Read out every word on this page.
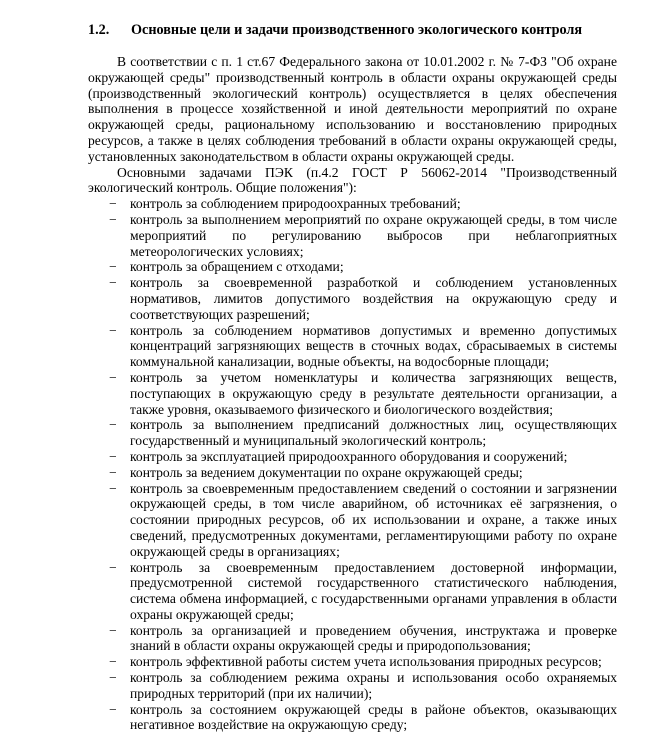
1.2. Основные цели и задачи производственного экологического контроля

В соответствии с п. 1 ст.67 Федерального закона от 10.01.2002 г. № 7-ФЗ "Об охране окружающей среды" производственный контроль в области охраны окружающей среды (производственный экологический контроль) осуществляется в целях обеспечения выполнения в процессе хозяйственной и иной деятельности мероприятий по охране окружающей среды, рациональному использованию и восстановлению природных ресурсов, а также в целях соблюдения требований в области охраны окружающей среды, установленных законодательством в области охраны окружающей среды.

Основными задачами ПЭК (п.4.2 ГОСТ Р 56062-2014 "Производственный экологический контроль. Общие положения"):

− контроль за соблюдением природоохранных требований;
− контроль за выполнением мероприятий по охране окружающей среды, в том числе мероприятий по регулированию выбросов при неблагоприятных метеорологических условиях;
− контроль за обращением с отходами;
− контроль за своевременной разработкой и соблюдением установленных нормативов, лимитов допустимого воздействия на окружающую среду и соответствующих разрешений;
− контроль за соблюдением нормативов допустимых и временно допустимых концентраций загрязняющих веществ в сточных водах, сбрасываемых в системы коммунальной канализации, водные объекты, на водосборные площади;
− контроль за учетом номенклатуры и количества загрязняющих веществ, поступающих в окружающую среду в результате деятельности организации, а также уровня, оказываемого физического и биологического воздействия;
− контроль за выполнением предписаний должностных лиц, осуществляющих государственный и муниципальный экологический контроль;
− контроль за эксплуатацией природоохранного оборудования и сооружений;
− контроль за ведением документации по охране окружающей среды;
− контроль за своевременным предоставлением сведений о состоянии и загрязнении окружающей среды, в том числе аварийном, об источниках её загрязнения, о состоянии природных ресурсов, об их использовании и охране, а также иных сведений, предусмотренных документами, регламентирующими работу по охране окружающей среды в организациях;
− контроль за своевременным предоставлением достоверной информации, предусмотренной системой государственного статистического наблюдения, система обмена информацией, с государственными органами управления в области охраны окружающей среды;
− контроль за организацией и проведением обучения, инструктажа и проверке знаний в области охраны окружающей среды и природопользования;
− контроль эффективной работы систем учета использования природных ресурсов;
− контроль за соблюдением режима охраны и использования особо охраняемых природных территорий (при их наличии);
− контроль за состоянием окружающей среды в районе объектов, оказывающих негативное воздействие на окружающую среду;
